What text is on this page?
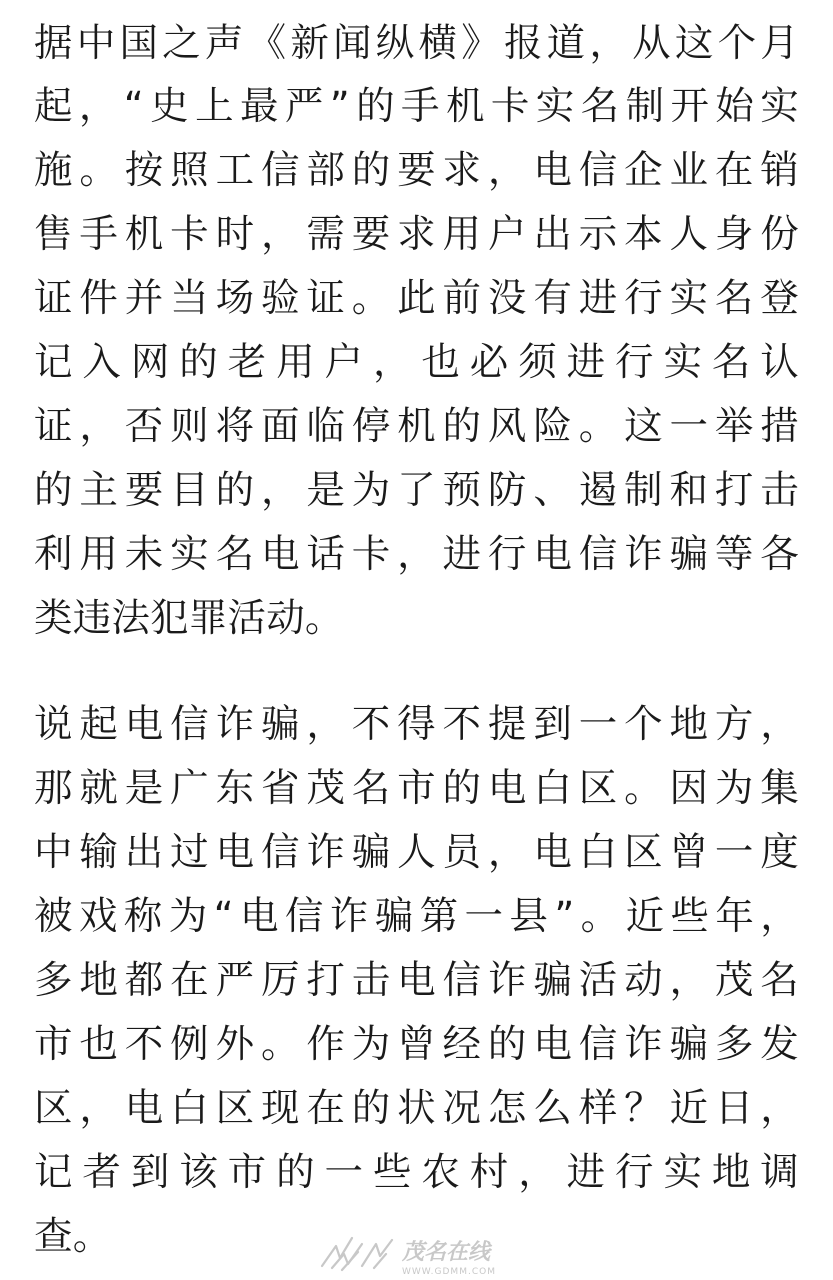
据中国之声《新闻纵横》报道，从这个月
起，“史上最严”的手机卡实名制开始实
施。按照工信部的要求，电信企业在销
售手机卡时，需要求用户出示本人身份
证件并当场验证。此前没有进行实名登
记入网的老用户，也必须进行实名认
证，否则将面临停机的风险。这一举措
的主要目的，是为了预防、遏制和打击
利用未实名电话卡，进行电信诈骗等各
类违法犯罪活动。
说起电信诈骗，不得不提到一个地方，
那就是广东省茂名市的电白区。因为集
中输出过电信诈骗人员，电白区曾一度
被戏称为“电信诈骗第一县”。近些年，
多地都在严厉打击电信诈骗活动，茂名
市也不例外。作为曾经的电信诈骗多发
区，电白区现在的状况怎么样？近日，
记者到该市的一些农村，进行实地调
查。	茂名在线
WWW.GDMM.COM
